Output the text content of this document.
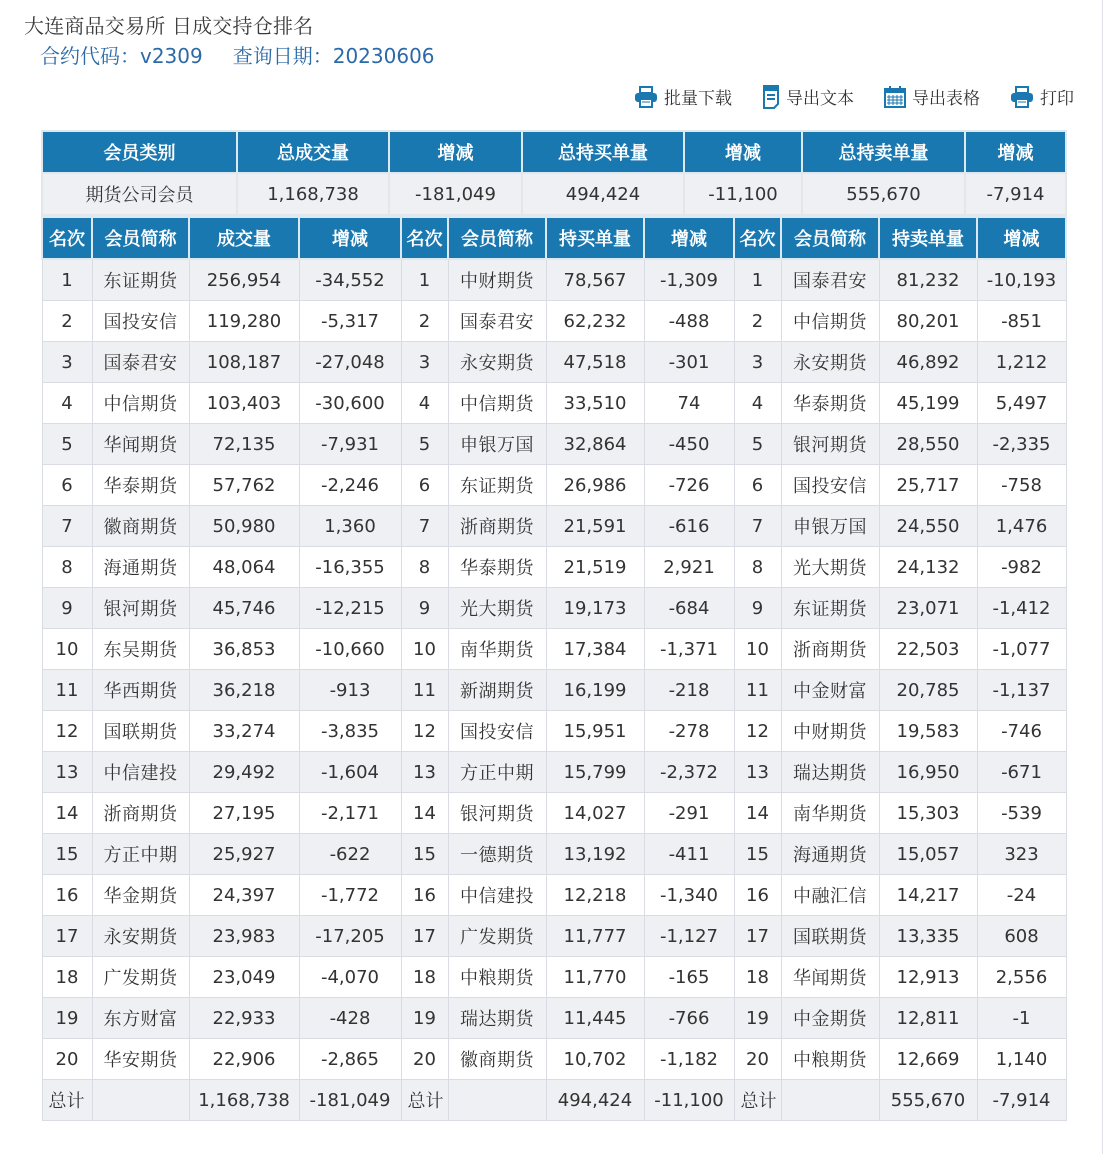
大连商品交易所 日成交持仓排名
合约代码：v2309 查询日期：20230606
批量下载	导出文本	导出表格	打印
会员类别	总成交量	增减	总持买单量	增减	总持卖单量	增减
期货公司会员	1,168,738	-181,049	494,424	-11,100	555,670	-7,914
名次	会员简称	成交量	增减	名次	会员简称	持买单量	增减	名次	会员简称	持卖单量	增减
1	东证期货	256,954	-34,552	1	中财期货	78,567	-1,309	1	国泰君安	81,232	-10,193
2	国投安信	119,280	-5,317	2	国泰君安	62,232	-488	2	中信期货	80,201	-851
3	国泰君安	108,187	-27,048	3	永安期货	47,518	-301	3	永安期货	46,892	1,212
4	中信期货	103,403	-30,600	4	中信期货	33,510	74	4	华泰期货	45,199	5,497
5	华闻期货	72,135	-7,931	5	申银万国	32,864	-450	5	银河期货	28,550	-2,335
6	华泰期货	57,762	-2,246	6	东证期货	26,986	-726	6	国投安信	25,717	-758
7	徽商期货	50,980	1,360	7	浙商期货	21,591	-616	7	申银万国	24,550	1,476
8	海通期货	48,064	-16,355	8	华泰期货	21,519	2,921	8	光大期货	24,132	-982
9	银河期货	45,746	-12,215	9	光大期货	19,173	-684	9	东证期货	23,071	-1,412
10	东吴期货	36,853	-10,660	10	南华期货	17,384	-1,371	10	浙商期货	22,503	-1,077
11	华西期货	36,218	-913	11	新湖期货	16,199	-218	11	中金财富	20,785	-1,137
12	国联期货	33,274	-3,835	12	国投安信	15,951	-278	12	中财期货	19,583	-746
13	中信建投	29,492	-1,604	13	方正中期	15,799	-2,372	13	瑞达期货	16,950	-671
14	浙商期货	27,195	-2,171	14	银河期货	14,027	-291	14	南华期货	15,303	-539
15	方正中期	25,927	-622	15	一德期货	13,192	-411	15	海通期货	15,057	323
16	华金期货	24,397	-1,772	16	中信建投	12,218	-1,340	16	中融汇信	14,217	-24
17	永安期货	23,983	-17,205	17	广发期货	11,777	-1,127	17	国联期货	13,335	608
18	广发期货	23,049	-4,070	18	中粮期货	11,770	-165	18	华闻期货	12,913	2,556
19	东方财富	22,933	-428	19	瑞达期货	11,445	-766	19	中金期货	12,811	-1
20	华安期货	22,906	-2,865	20	徽商期货	10,702	-1,182	20	中粮期货	12,669	1,140
总计		1,168,738	-181,049	总计		494,424	-11,100	总计		555,670	-7,914
